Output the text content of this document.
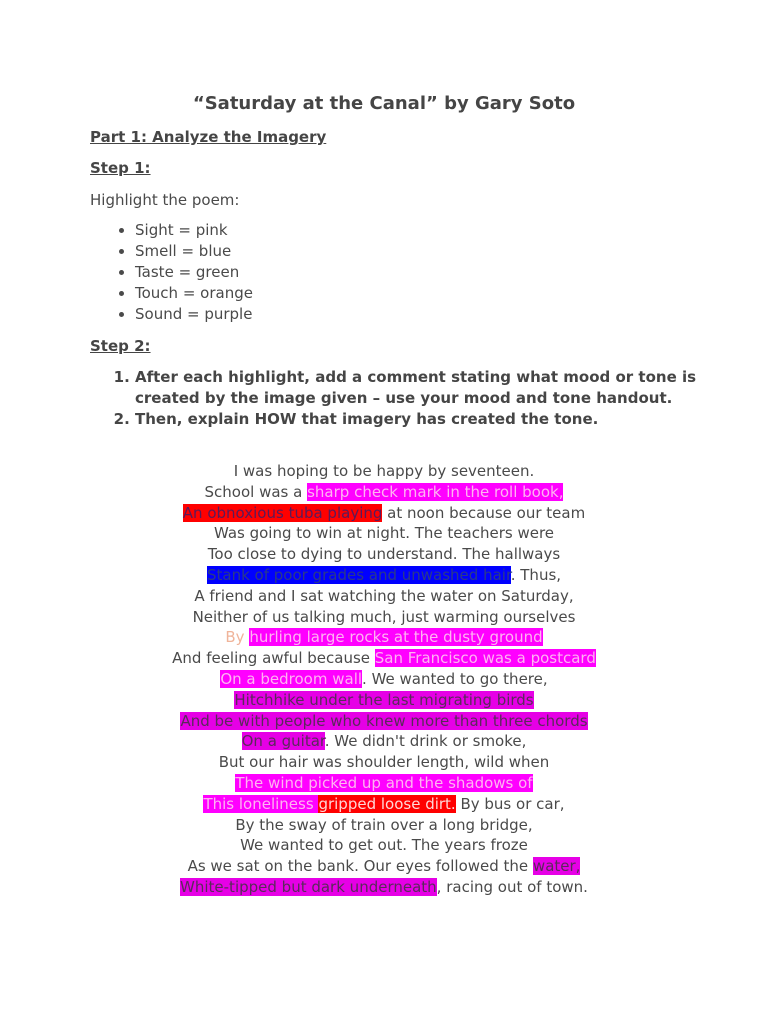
“Saturday at the Canal” by Gary Soto
Part 1: Analyze the Imagery
Step 1:
Highlight the poem:
• Sight = pink
• Smell = blue
• Taste = green
• Touch = orange
• Sound = purple
Step 2:
1. After each highlight, add a comment stating what mood or tone is created by the image given – use your mood and tone handout.
2. Then, explain HOW that imagery has created the tone.
I was hoping to be happy by seventeen.
School was a sharp check mark in the roll book,
An obnoxious tuba playing at noon because our team
Was going to win at night. The teachers were
Too close to dying to understand. The hallways
Stank of poor grades and unwashed hair. Thus,
A friend and I sat watching the water on Saturday,
Neither of us talking much, just warming ourselves
By hurling large rocks at the dusty ground
And feeling awful because San Francisco was a postcard
On a bedroom wall. We wanted to go there,
Hitchhike under the last migrating birds
And be with people who knew more than three chords
On a guitar. We didn't drink or smoke,
But our hair was shoulder length, wild when
The wind picked up and the shadows of
This loneliness gripped loose dirt. By bus or car,
By the sway of train over a long bridge,
We wanted to get out. The years froze
As we sat on the bank. Our eyes followed the water,
White-tipped but dark underneath, racing out of town.
